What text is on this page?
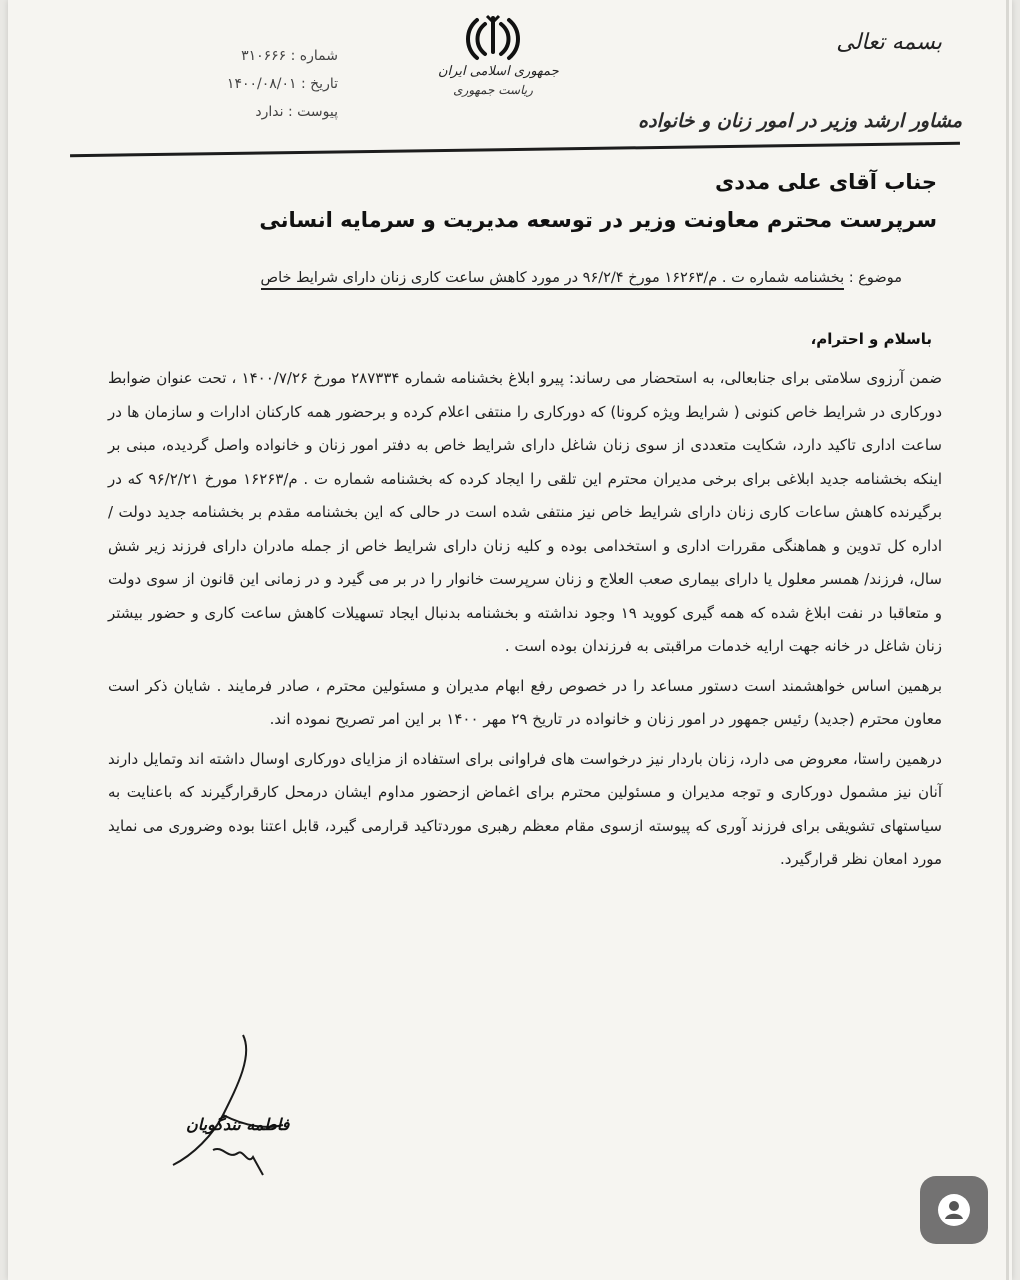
بسمه تعالی
مشاور ارشد وزیر در امور زنان و خانواده
جمهوری اسلامی ایران
ریاست جمهوری
شماره : ۳۱۰۶۶۶
تاریخ : ۱۴۰۰/۰۸/۰۱
پیوست : ندارد
جناب آقای علی مددی
سرپرست محترم معاونت وزیر در توسعه مدیریت و سرمایه انسانی
موضوع : بخشنامه شماره ت . م/۱۶۲۶۳ مورخ ۹۶/۲/۴ در مورد کاهش ساعت کاری زنان دارای شرایط خاص
باسلام و احترام،

ضمن آرزوی سلامتی برای جنابعالی، به استحضار می رساند: پیرو ابلاغ بخشنامه شماره ۲۸۷۳۳۴ مورخ ۱۴۰۰/۷/۲۶ ، تحت عنوان ضوابط دورکاری در شرایط خاص کنونی ( شرایط ویژه کرونا) که دورکاری را منتفی اعلام کرده و برحضور همه کارکنان ادارات و سازمان ها در ساعت اداری تاکید دارد، شکایت متعددی از سوی زنان شاغل دارای شرایط خاص به دفتر امور زنان و خانواده واصل گردیده، مبنی بر اینکه بخشنامه جدید ابلاغی برای برخی مدیران محترم این تلقی را ایجاد کرده که بخشنامه شماره ت . م/۱۶۲۶۳ مورخ ۹۶/۲/۲۱ که در برگیرنده کاهش ساعات کاری زنان دارای شرایط خاص نیز منتفی شده است در حالی که این بخشنامه مقدم بر بخشنامه جدید دولت / اداره کل تدوین و هماهنگی مقررات اداری و استخدامی بوده و کلیه زنان دارای شرایط خاص از جمله مادران دارای فرزند زیر شش سال، فرزند/ همسر معلول یا دارای بیماری صعب العلاج و زنان سرپرست خانوار را در بر می گیرد و در زمانی این قانون از سوی دولت و متعاقبا در نفت ابلاغ شده که همه گیری کووید ۱۹ وجود نداشته و بخشنامه بدنبال ایجاد تسهیلات کاهش ساعت کاری و حضور بیشتر زنان شاغل در خانه جهت ارایه خدمات مراقبتی به فرزندان بوده است .

برهمین اساس خواهشمند است دستور مساعد را در خصوص رفع ابهام مدیران و مسئولین محترم ، صادر فرمایند . شایان ذکر است معاون محترم (جدید) رئیس جمهور در امور زنان و خانواده در تاریخ ۲۹ مهر ۱۴۰۰ بر این امر تصریح نموده اند.

درهمین راستا، معروض می دارد، زنان باردار نیز درخواست های فراوانی برای استفاده از مزایای دورکاری اوسال داشته اند وتمایل دارند آنان نیز مشمول دورکاری و توجه مدیران و مسئولین محترم برای اغماض ازحضور مداوم ایشان درمحل کارقرارگیرند که باعنایت به سیاستهای تشویقی برای فرزند آوری که پیوسته ازسوی مقام معظم رهبری موردتاکید قرارمی گیرد، قابل اعتنا بوده وضروری می نماید مورد امعان نظر قرارگیرد.

فاطمه تندگویان
